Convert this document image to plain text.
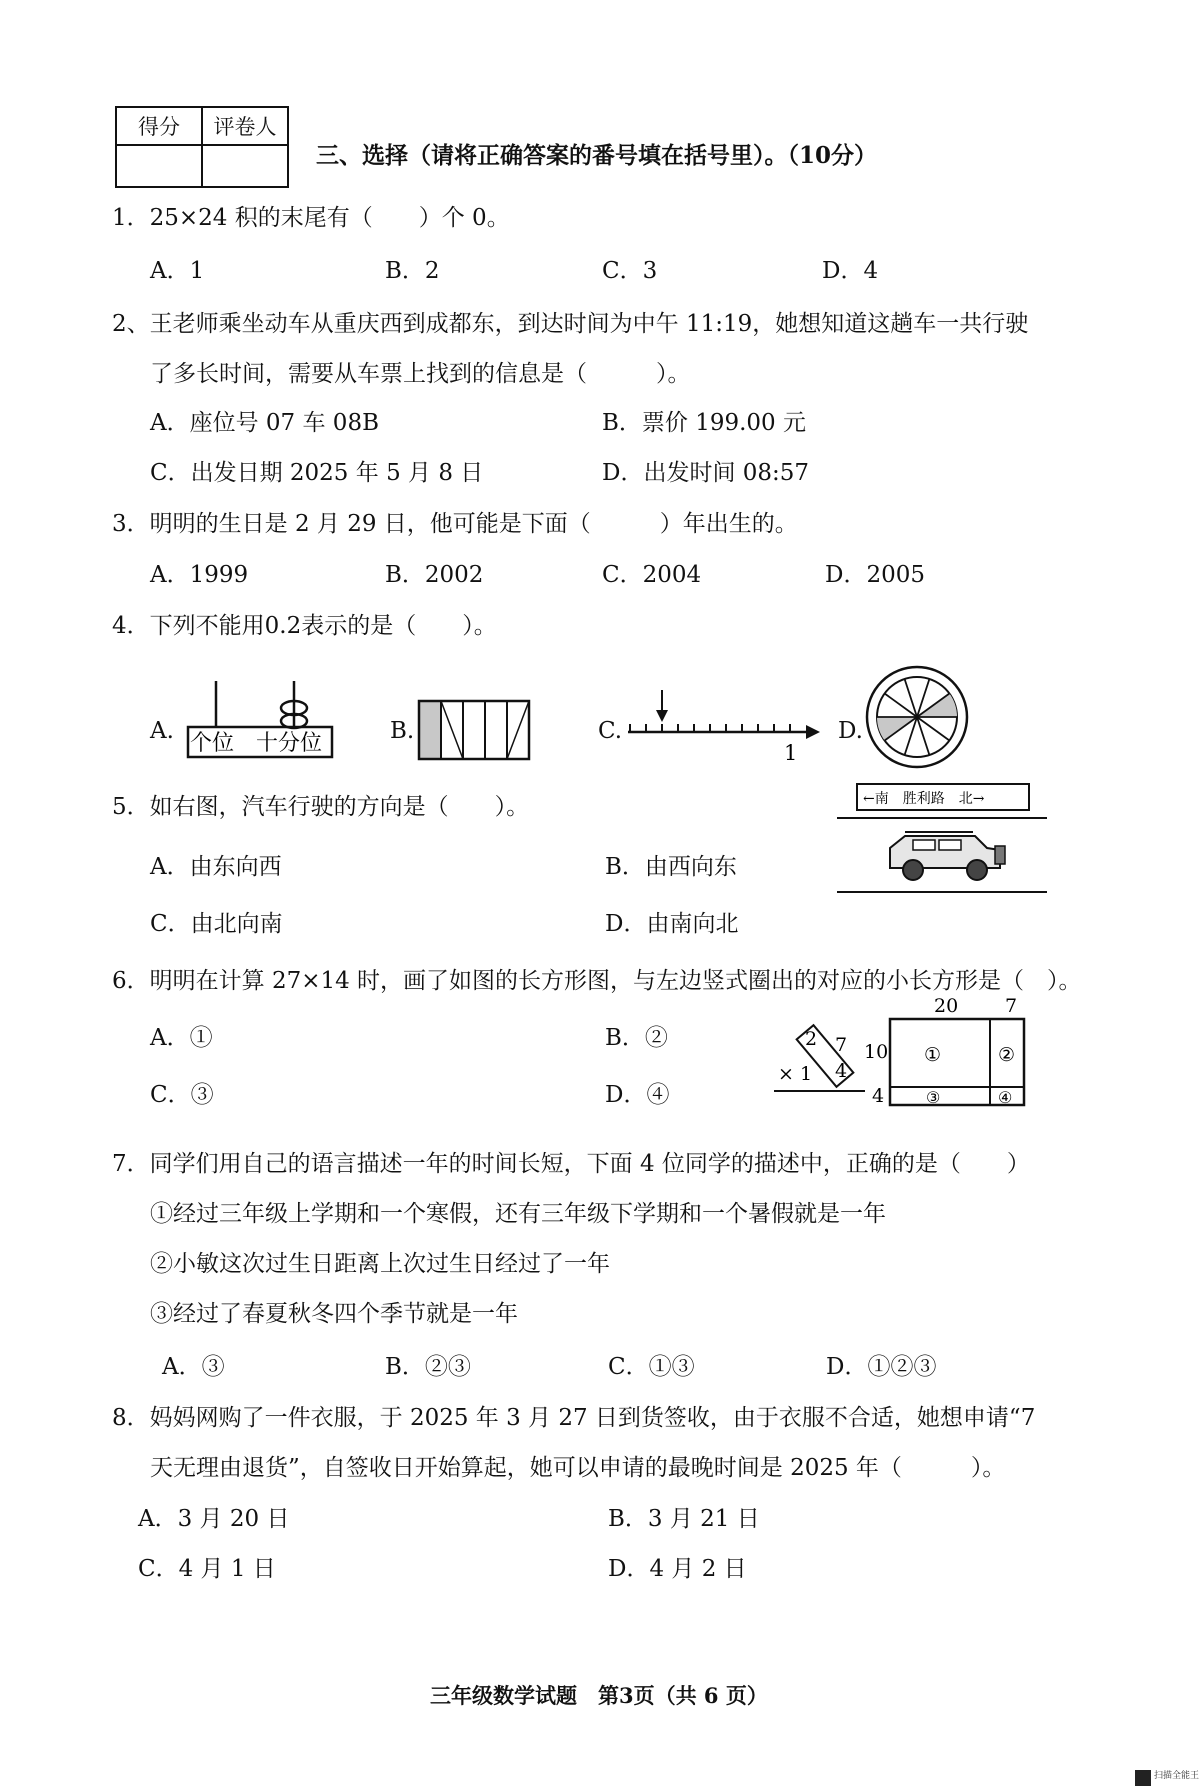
得分	评卷人

三、选择（请将正确答案的番号填在括号里）。（10分）
1．25×24 积的末尾有（　　）个 0。
A．1	B．2	C．3	D．4
2、王老师乘坐动车从重庆西到成都东，到达时间为中午 11:19，她想知道这趟车一共行驶
了多长时间，需要从车票上找到的信息是（　　　）。
A．座位号 07 车 08B	B．票价 199.00 元
C．出发日期 2025 年 5 月 8 日	D．出发时间 08:57
3．明明的生日是 2 月 29 日，他可能是下面（　　　）年出生的。
A．1999	B．2002	C．2004	D．2005
4．下列不能用0.2表示的是（　　）。
A. 个位 十分位	B.	C.
1
D.
5．如右图，汽车行驶的方向是（　　）。
A．由东向西	B．由西向东
C．由北向南	D．由南向北
←南　胜利路　北→
6．明明在计算 27×14 时，画了如图的长方形图，与左边竖式圈出的对应的小长方形是（　）。
A．①	B．②
C．③	D．④
2 7
× 1 4
20 7
10
4
①	②
③	④
7．同学们用自己的语言描述一年的时间长短，下面 4 位同学的描述中，正确的是（　　）
①经过三年级上学期和一个寒假，还有三年级下学期和一个暑假就是一年
②小敏这次过生日距离上次过生日经过了一年
③经过了春夏秋冬四个季节就是一年
A．③	B．②③	C．①③	D．①②③
8．妈妈网购了一件衣服，于 2025 年 3 月 27 日到货签收，由于衣服不合适，她想申请“7
天无理由退货”，自签收日开始算起，她可以申请的最晚时间是 2025 年（　　　）。
A．3 月 20 日	B．3 月 21 日
C．4 月 1 日	D．4 月 2 日
三年级数学试题　第3页（共 6 页）
扫描全能王
